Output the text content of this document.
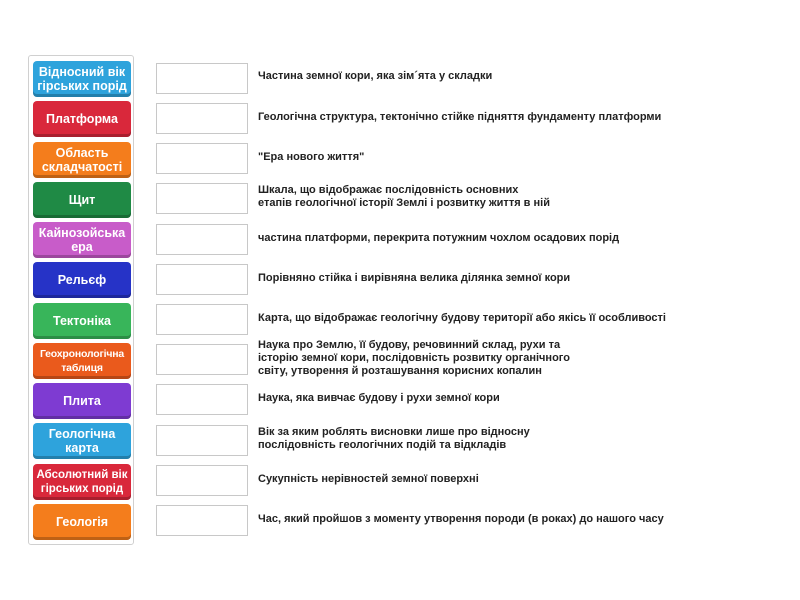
Відносний вік гірських порід
Платформа
Область складчатості
Щит
Кайнозойська ера
Рельєф
Тектоніка
Геохронологічна таблиця
Плита
Геологічна карта
Абсолютний вік гірських порід
Геологія
Частина земної кори, яка зім´ята у складки
Геологічна структура, тектонічно стійке підняття фундаменту платформи
"Ера нового життя"
Шкала, що відображає послідовність основних
етапів геологічної історії Землі і розвитку життя в ній
частина платформи, перекрита потужним чохлом осадових порід
Порівняно стійка і вирівняна велика ділянка земної кори
Карта, що відображає геологічну будову території або якісь її особливості
Наука про Землю, її будову, речовинний склад, рухи та
історію земної кори, послідовність розвитку органічного
світу, утворення й розташування корисних копалин
Наука, яка вивчає будову і рухи земної кори
Вік за яким роблять висновки лише про відносну
послідовність геологічних подій та відкладів
Сукупність нерівностей земної поверхні
Час, який пройшов з моменту утворення породи (в роках) до нашого часу
